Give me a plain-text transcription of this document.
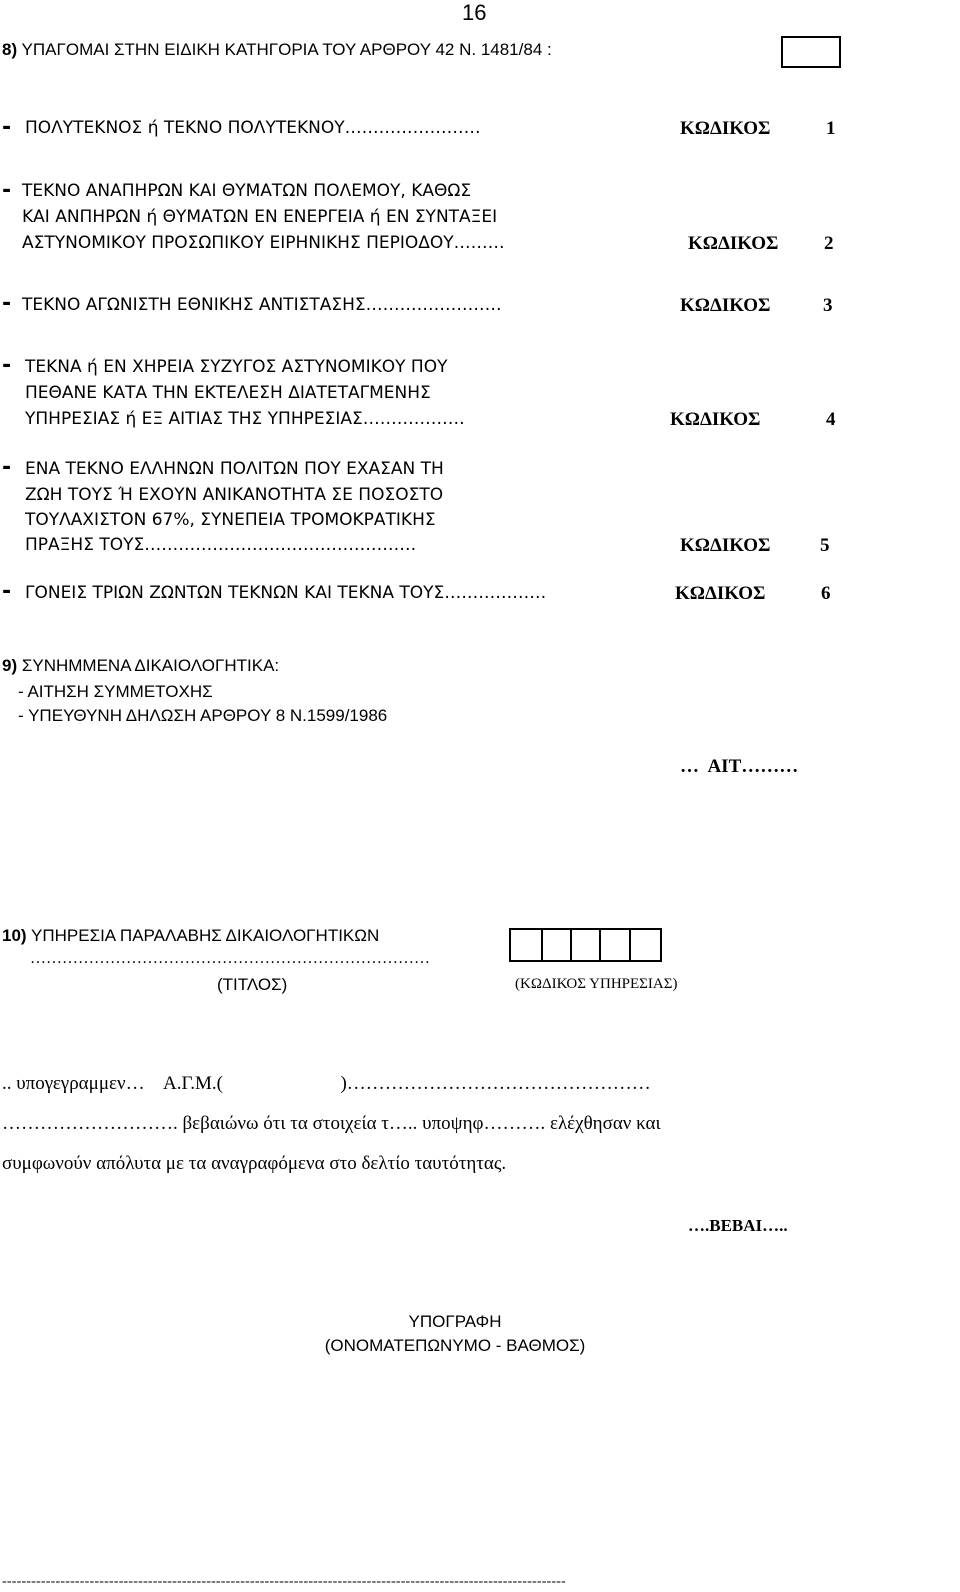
16
8) ΥΠΑΓΟΜΑΙ ΣΤΗΝ ΕΙΔΙΚΗ ΚΑΤΗΓΟΡΙΑ ΤΟΥ ΑΡΘΡΟΥ 42 Ν. 1481/84 :
- ΠΟΛΥΤΕΚΝΟΣ ή ΤΕΚΝΟ ΠΟΛΥΤΕΚΝΟΥ……………………	ΚΩΔΙΚΟΣ	1
- ΤΕΚΝΟ ΑΝΑΠΗΡΩΝ ΚΑΙ ΘΥΜΑΤΩΝ ΠΟΛΕΜΟΥ, ΚΑΘΩΣ
ΚΑΙ ΑΝΠΗΡΩΝ ή ΘΥΜΑΤΩΝ ΕΝ ΕΝΕΡΓΕΙΑ ή ΕΝ ΣΥΝΤΑΞΕΙ
ΑΣΤΥΝΟΜΙΚΟΥ ΠΡΟΣΩΠΙΚΟΥ ΕΙΡΗΝΙΚΗΣ ΠΕΡΙΟΔΟΥ………	ΚΩΔΙΚΟΣ 2
- ΤΕΚΝΟ ΑΓΩΝΙΣΤΗ ΕΘΝΙΚΗΣ ΑΝΤΙΣΤΑΣΗΣ……………………	ΚΩΔΙΚΟΣ	3
- ΤΕΚΝΑ ή ΕΝ ΧΗΡΕΙΑ ΣΥΖΥΓΟΣ ΑΣΤΥΝΟΜΙΚΟΥ ΠΟΥ
ΠΕΘΑΝΕ ΚΑΤΑ ΤΗΝ ΕΚΤΕΛΕΣΗ ΔΙΑΤΕΤΑΓΜΕΝΗΣ
ΥΠΗΡΕΣΙΑΣ ή ΕΞ ΑΙΤΙΑΣ ΤΗΣ ΥΠΗΡΕΣΙΑΣ………………	ΚΩΔΙΚΟΣ	4
- ΕΝΑ ΤΕΚΝΟ ΕΛΛΗΝΩΝ ΠΟΛΙΤΩΝ ΠΟΥ ΕΧΑΣΑΝ ΤΗ
ΖΩΗ ΤΟΥΣ Ή ΕΧΟΥΝ ΑΝΙΚΑΝΟΤΗΤΑ ΣΕ ΠΟΣΟΣΤΟ
ΤΟΥΛΑΧΙΣΤΟΝ 67%, ΣΥΝΕΠΕΙΑ ΤΡΟΜΟΚΡΑΤΙΚΗΣ
ΠΡΑΞΗΣ ΤΟΥΣ…………………………………………	ΚΩΔΙΚΟΣ	5
- ΓΟΝΕΙΣ ΤΡΙΩΝ ΖΩΝΤΩΝ ΤΕΚΝΩΝ ΚΑΙ ΤΕΚΝΑ ΤΟΥΣ………………	ΚΩΔΙΚΟΣ	6
9) ΣΥΝΗΜΜΕΝΑ ΔΙΚΑΙΟΛΟΓΗΤΙΚΑ:
- ΑΙΤΗΣΗ ΣΥΜΜΕΤΟΧΗΣ
- ΥΠΕΥΘΥΝΗ ΔΗΛΩΣΗ ΑΡΘΡΟΥ 8 Ν.1599/1986
…  ΑΙΤ………
10) ΥΠΗΡΕΣΙΑ ΠΑΡΑΛΑΒΗΣ ΔΙΚΑΙΟΛΟΓΗΤΙΚΩΝ
…………………………………………………………………
(ΤΙΤΛΟΣ)	(ΚΩΔΙΚΟΣ ΥΠΗΡΕΣΙΑΣ)
.. υπογεγραμμεν… Α.Γ.Μ.(	)…………………………………………
………………………. βεβαιώνω ότι τα στοιχεία τ….. υποψηφ………. ελέχθησαν και
συμφωνούν απόλυτα με τα αναγραφόμενα στο δελτίο ταυτότητας.
….ΒΕΒΑΙ…..
ΥΠΟΓΡΑΦΗ
(ΟΝΟΜΑΤΕΠΩΝΥΜΟ - ΒΑΘΜΟΣ)
--------------------------------------------------------------------------------------------------------------------
